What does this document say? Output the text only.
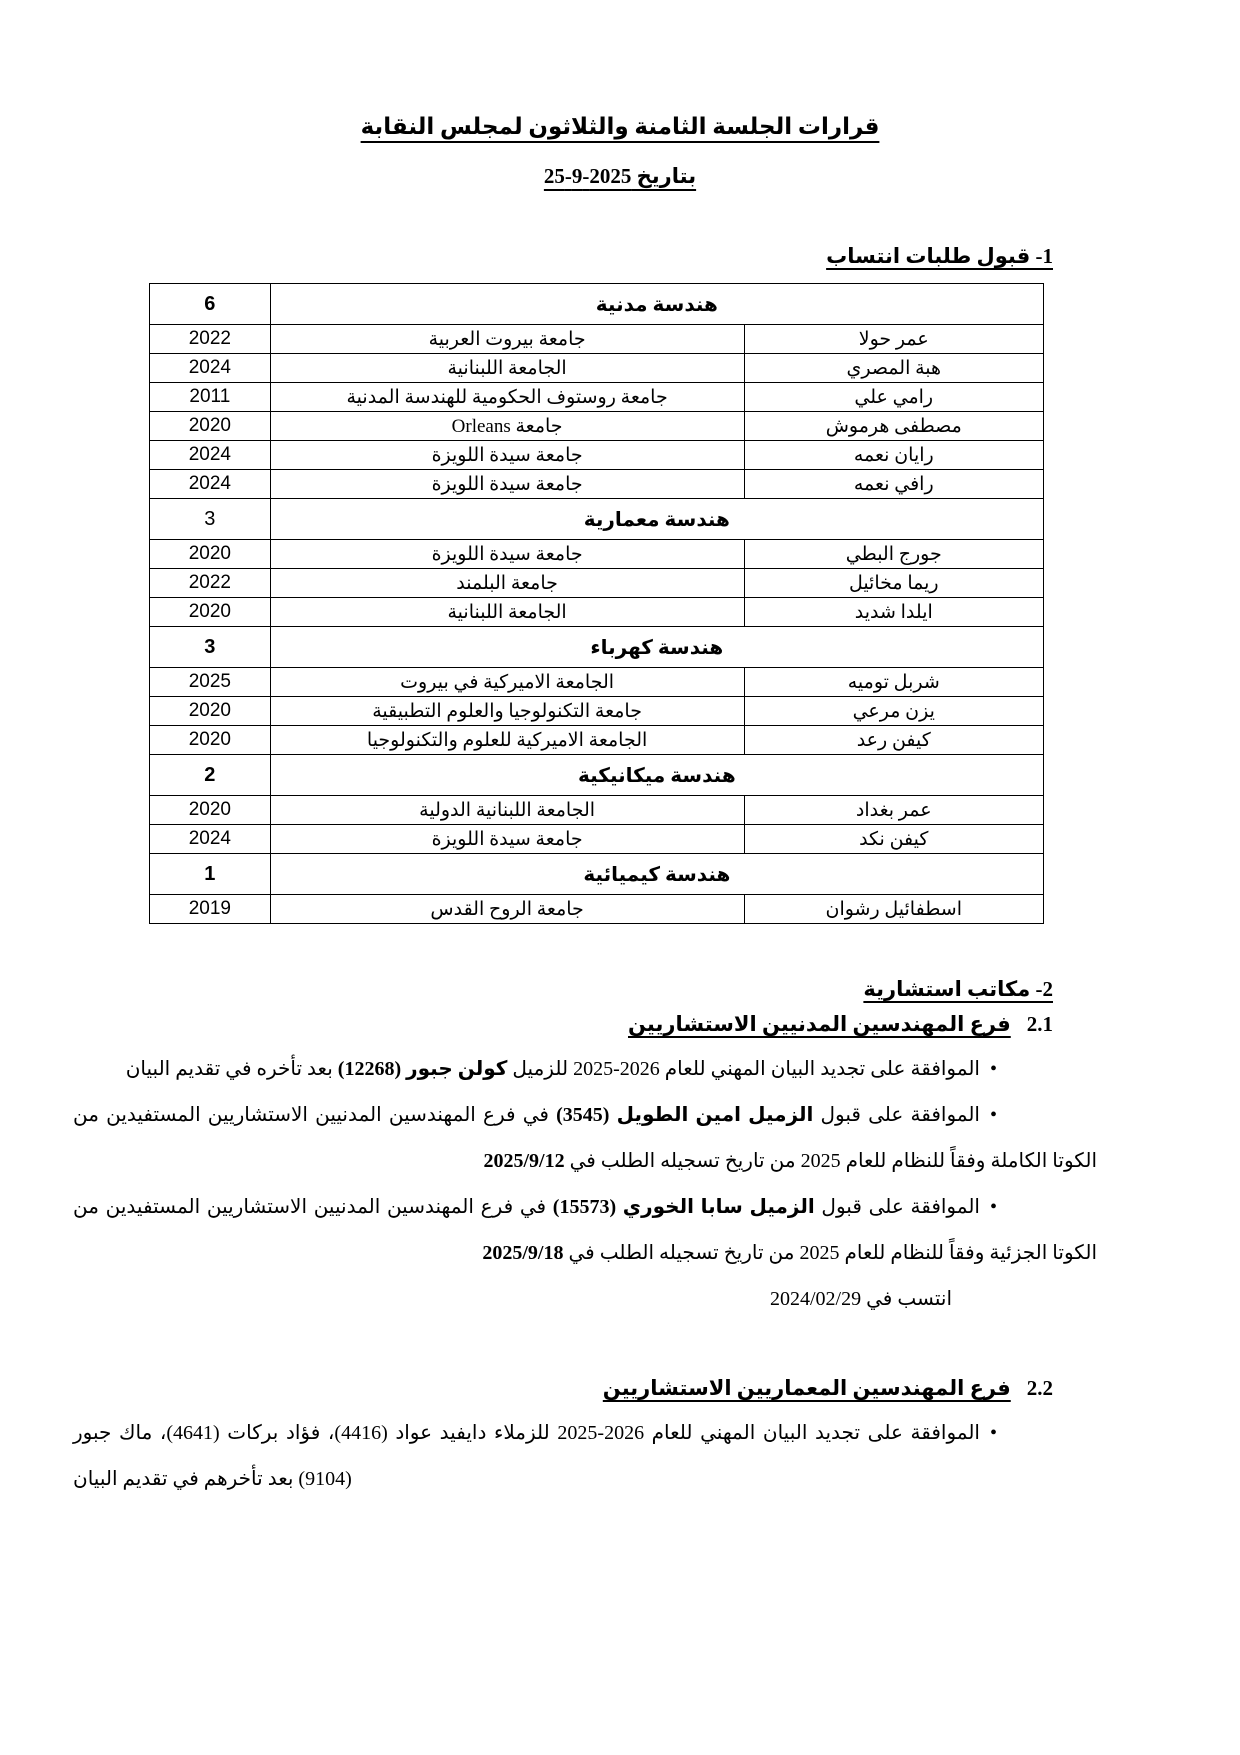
قرارات الجلسة الثامنة والثلاثون لمجلس النقابة
بتاريخ 2025-9-25
1- قبول طلبات انتساب
هندسة مدنية		6
عمر حولا	جامعة بيروت العربية	2022
هبة المصري	الجامعة اللبنانية	2024
رامي علي	جامعة روستوف الحكومية للهندسة المدنية	2011
مصطفى هرموش	جامعة Orleans	2020
رايان نعمه	جامعة سيدة اللويزة	2024
رافي نعمه	جامعة سيدة اللويزة	2024
هندسة معمارية		3
جورج البطي	جامعة سيدة اللويزة	2020
ريما مخائيل	جامعة البلمند	2022
ايلدا شديد	الجامعة اللبنانية	2020
هندسة كهرباء		3
شربل توميه	الجامعة الاميركية في بيروت	2025
يزن مرعي	جامعة التكنولوجيا والعلوم التطبيقية	2020
كيفن رعد	الجامعة الاميركية للعلوم والتكنولوجيا	2020
هندسة ميكانيكية		2
عمر بغداد	الجامعة اللبنانية الدولية	2020
كيفن نكد	جامعة سيدة اللويزة	2024
هندسة كيميائية		1
اسطفائيل رشوان	جامعة الروح القدس	2019
2- مكاتب استشارية
2.1فرع المهندسين المدنيين الاستشاريين

•الموافقة على تجديد البيان المهني للعام 2026-2025 للزميل كولن جبور (12268) بعد تأخره في تقديم البيان

•الموافقة على قبول الزميل امين الطويل (3545) في فرع المهندسين المدنيين الاستشاريين المستفيدين من الكوتا الكاملة وفقاً للنظام للعام 2025 من تاريخ تسجيله الطلب في 2025/9/12

•الموافقة على قبول الزميل سابا الخوري (15573) في فرع المهندسين المدنيين الاستشاريين المستفيدين من الكوتا الجزئية وفقاً للنظام للعام 2025 من تاريخ تسجيله الطلب في 2025/9/18
انتسب في 2024/02/29

2.2فرع المهندسين المعماريين الاستشاريين

•الموافقة على تجديد البيان المهني للعام 2026-2025 للزملاء دايفيد عواد (4416)، فؤاد بركات (4641)، ماك جبور (9104) بعد تأخرهم في تقديم البيان
